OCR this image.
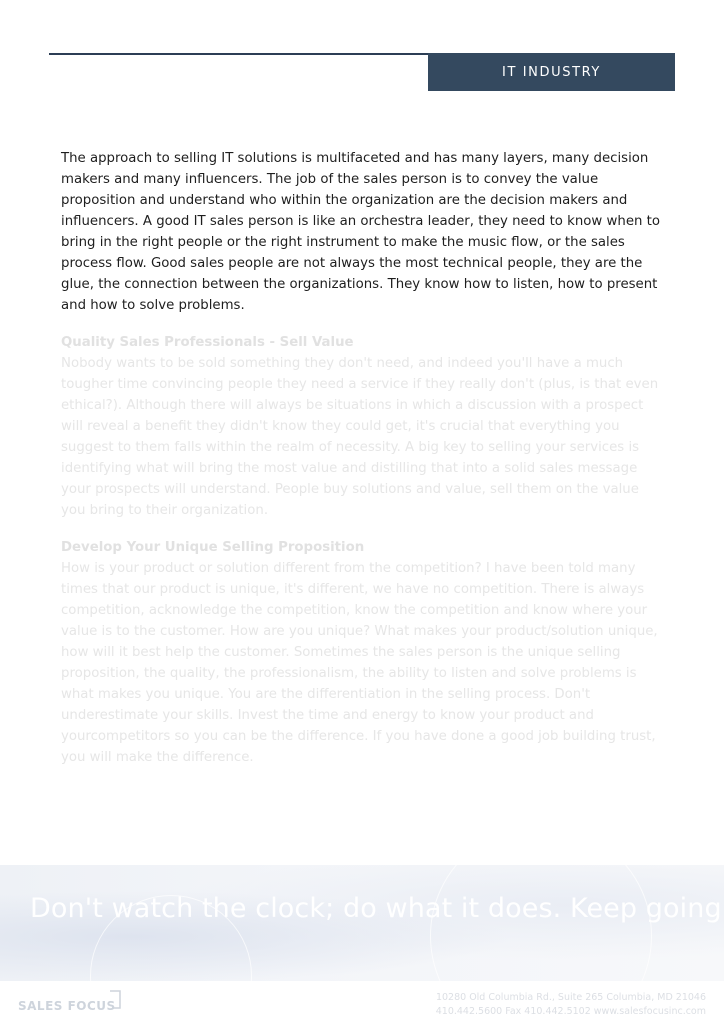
IT INDUSTRY

The approach to selling IT solutions is multifaceted and has many layers, many decision makers and many influencers. The job of the sales person is to convey the value proposition and understand who within the organization are the decision makers and influencers. A good IT sales person is like an orchestra leader, they need to know when to bring in the right people or the right instrument to make the music flow, or the sales process flow. Good sales people are not always the most technical people, they are the glue, the connection between the organizations. They know how to listen, how to present and how to solve problems.

Quality Sales Professionals - Sell Value

Nobody wants to be sold something they don't need, and indeed you'll have a much tougher time convincing people they need a service if they really don't (plus, is that even ethical?). Although there will always be situations in which a discussion with a prospect will reveal a benefit they didn't know they could get, it's crucial that everything you suggest to them falls within the realm of necessity. A big key to selling your services is identifying what will bring the most value and distilling that into a solid sales message your prospects will understand. People buy solutions and value, sell them on the value you bring to their organization.

Develop Your Unique Selling Proposition

How is your product or solution different from the competition? I have been told many times that our product is unique, it's different, we have no competition. There is always competition, acknowledge the competition, know the competition and know where your value is to the customer. How are you unique? What makes your product/solution unique, how will it best help the customer. Sometimes the sales person is the unique selling proposition, the quality, the professionalism, the ability to listen and solve problems is what makes you unique. You are the differentiation in the selling process. Don't underestimate your skills. Invest the time and energy to know your product and yourcompetitors so you can be the difference. If you have done a good job building trust, you will make the difference.

Don't watch the clock; do what it does. Keep going

SALES FOCUS
10280 Old Columbia Rd., Suite 265 Columbia, MD 21046
410.442.5600 Fax 410.442.5102 www.salesfocusinc.com
